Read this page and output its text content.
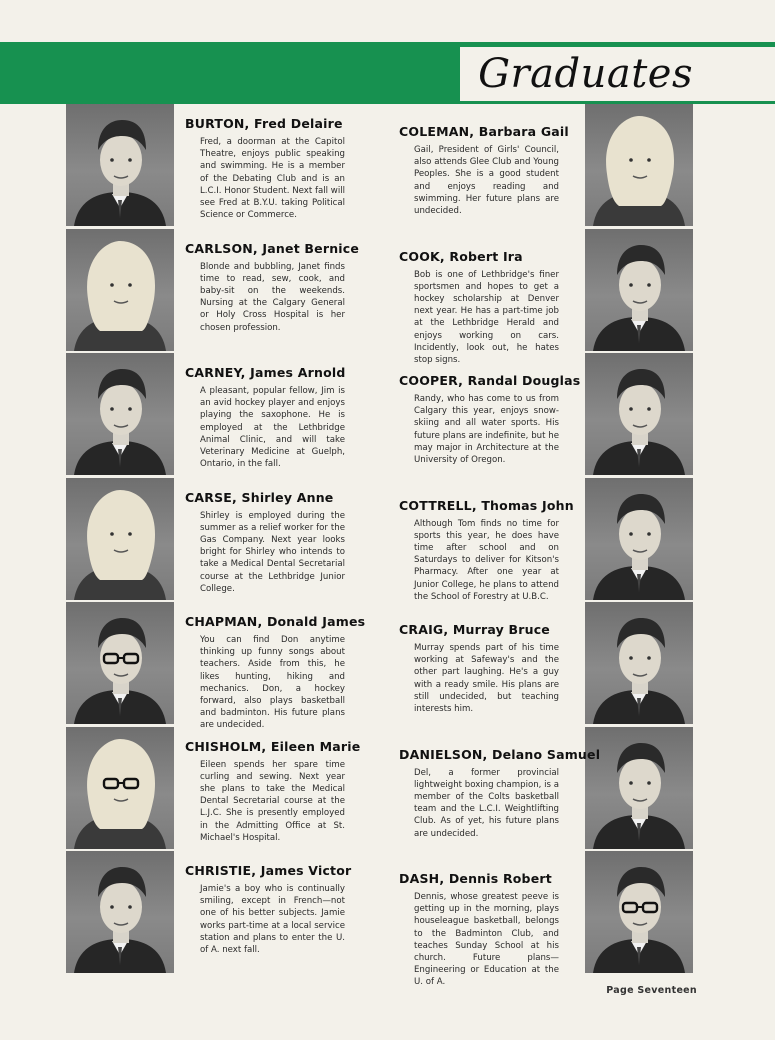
Graduates
BURTON, Fred Delaire
Fred, a doorman at the Capitol Theatre, enjoys public speaking and swimming. He is a member of the Debating Club and is an L.C.I. Honor Student. Next fall will see Fred at B.Y.U. taking Political Science or Commerce.
CARLSON, Janet Bernice
Blonde and bubbling, Janet finds time to read, sew, cook, and baby-sit on the weekends. Nursing at the Calgary General or Holy Cross Hospital is her chosen profession.
CARNEY, James Arnold
A pleasant, popular fellow, Jim is an avid hockey player and enjoys playing the saxophone. He is employed at the Lethbridge Animal Clinic, and will take Veterinary Medicine at Guelph, Ontario, in the fall.
CARSE, Shirley Anne
Shirley is employed during the summer as a relief worker for the Gas Company. Next year looks bright for Shirley who intends to take a Medical Dental Secretarial course at the Lethbridge Junior College.
CHAPMAN, Donald James
You can find Don anytime thinking up funny songs about teachers. Aside from this, he likes hunting, hiking and mechanics. Don, a hockey forward, also plays basketball and badminton. His future plans are undecided.
CHISHOLM, Eileen Marie
Eileen spends her spare time curling and sewing. Next year she plans to take the Medical Dental Secretarial course at the L.J.C. She is presently employed in the Admitting Office at St. Michael's Hospital.
CHRISTIE, James Victor
Jamie's a boy who is continually smiling, except in French—not one of his better subjects. Jamie works part-time at a local service station and plans to enter the U. of A. next fall.
COLEMAN, Barbara Gail
Gail, President of Girls' Council, also attends Glee Club and Young Peoples. She is a good student and enjoys reading and swimming. Her future plans are undecided.
COOK, Robert Ira
Bob is one of Lethbridge's finer sportsmen and hopes to get a hockey scholarship at Denver next year. He has a part-time job at the Lethbridge Herald and enjoys working on cars. Incidently, look out, he hates stop signs.
COOPER, Randal Douglas
Randy, who has come to us from Calgary this year, enjoys snow-skiing and all water sports. His future plans are indefinite, but he may major in Architecture at the University of Oregon.
COTTRELL, Thomas John
Although Tom finds no time for sports this year, he does have time after school and on Saturdays to deliver for Kitson's Pharmacy. After one year at Junior College, he plans to attend the School of Forestry at U.B.C.
CRAIG, Murray Bruce
Murray spends part of his time working at Safeway's and the other part laughing. He's a guy with a ready smile. His plans are still undecided, but teaching interests him.
DANIELSON, Delano Samuel
Del, a former provincial lightweight boxing champion, is a member of the Colts basketball team and the L.C.I. Weightlifting Club. As of yet, his future plans are undecided.
DASH, Dennis Robert
Dennis, whose greatest peeve is getting up in the morning, plays houseleague basketball, belongs to the Badminton Club, and teaches Sunday School at his church. Future plans—Engineering or Education at the U. of A.
Page Seventeen
